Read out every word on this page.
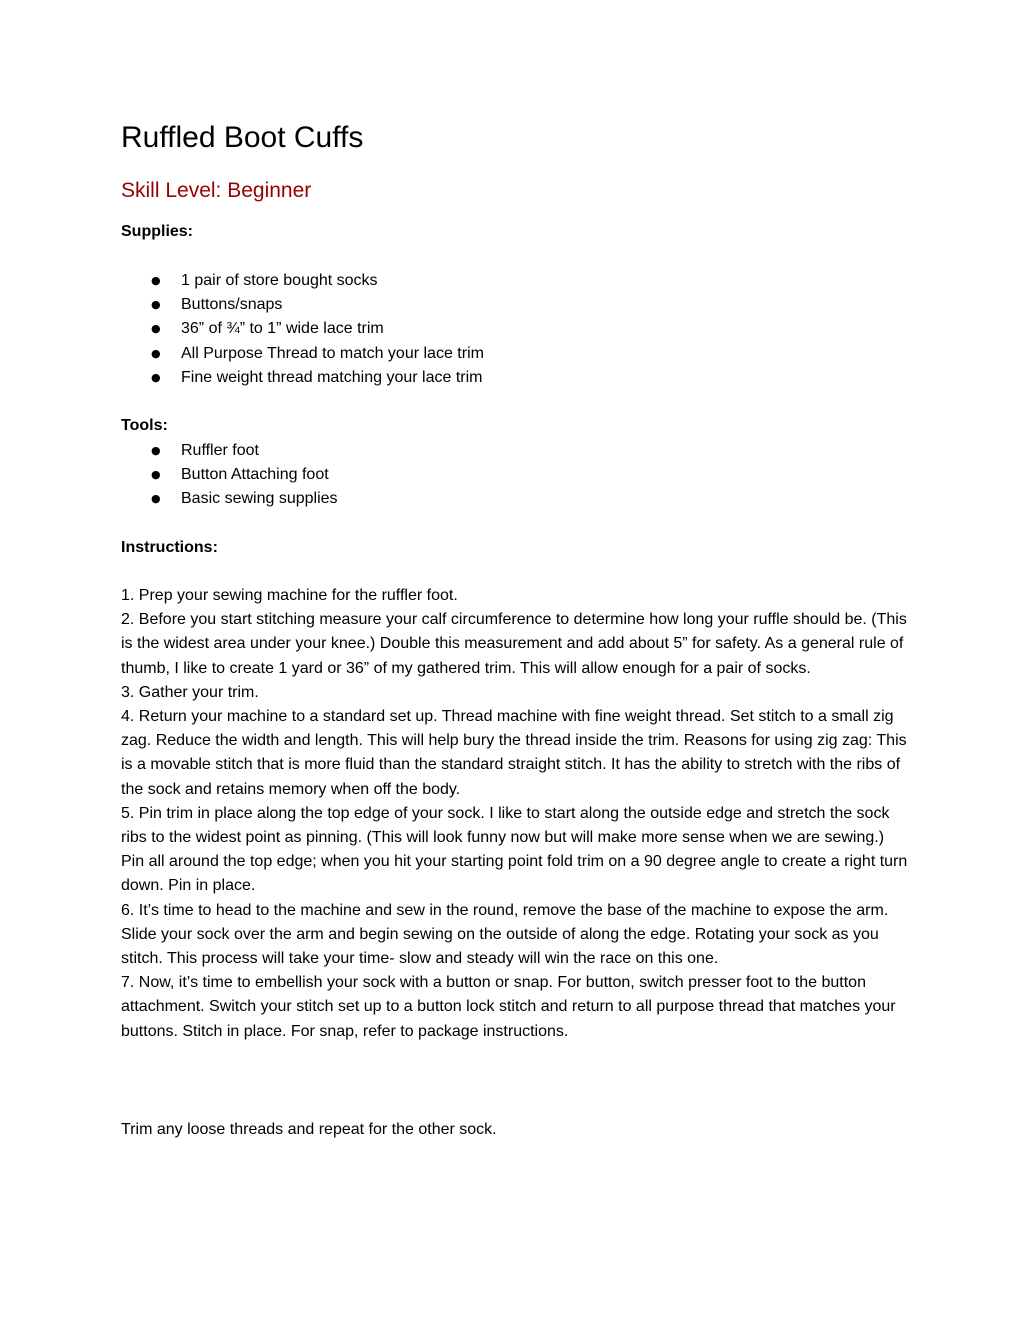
Ruffled Boot Cuffs
Skill Level: Beginner
Supplies:
● 1 pair of store bought socks
● Buttons/snaps
● 36” of ¾” to 1” wide lace trim
● All Purpose Thread to match your lace trim
● Fine weight thread matching your lace trim
Tools:
● Ruffler foot
● Button Attaching foot
● Basic sewing supplies
Instructions:

1. Prep your sewing machine for the ruffler foot.

2. Before you start stitching measure your calf circumference to determine how long your ruffle should be. (This is the widest area under your knee.) Double this measurement and add about 5” for safety. As a general rule of thumb, I like to create 1 yard or 36” of my gathered trim. This will allow enough for a pair of socks.

3. Gather your trim.

4. Return your machine to a standard set up. Thread machine with fine weight thread. Set stitch to a small zig zag. Reduce the width and length. This will help bury the thread inside the trim. Reasons for using zig zag: This is a movable stitch that is more fluid than the standard straight stitch. It has the ability to stretch with the ribs of the sock and retains memory when off the body.

5. Pin trim in place along the top edge of your sock. I like to start along the outside edge and stretch the sock ribs to the widest point as pinning. (This will look funny now but will make more sense when we are sewing.) Pin all around the top edge; when you hit your starting point fold trim on a 90 degree angle to create a right turn down. Pin in place.

6. It’s time to head to the machine and sew in the round, remove the base of the machine to expose the arm. Slide your sock over the arm and begin sewing on the outside of along the edge. Rotating your sock as you stitch. This process will take your time- slow and steady will win the race on this one.

7. Now, it’s time to embellish your sock with a button or snap. For button, switch presser foot to the button attachment. Switch your stitch set up to a button lock stitch and return to all purpose thread that matches your buttons. Stitch in place. For snap, refer to package instructions.

Trim any loose threads and repeat for the other sock.
